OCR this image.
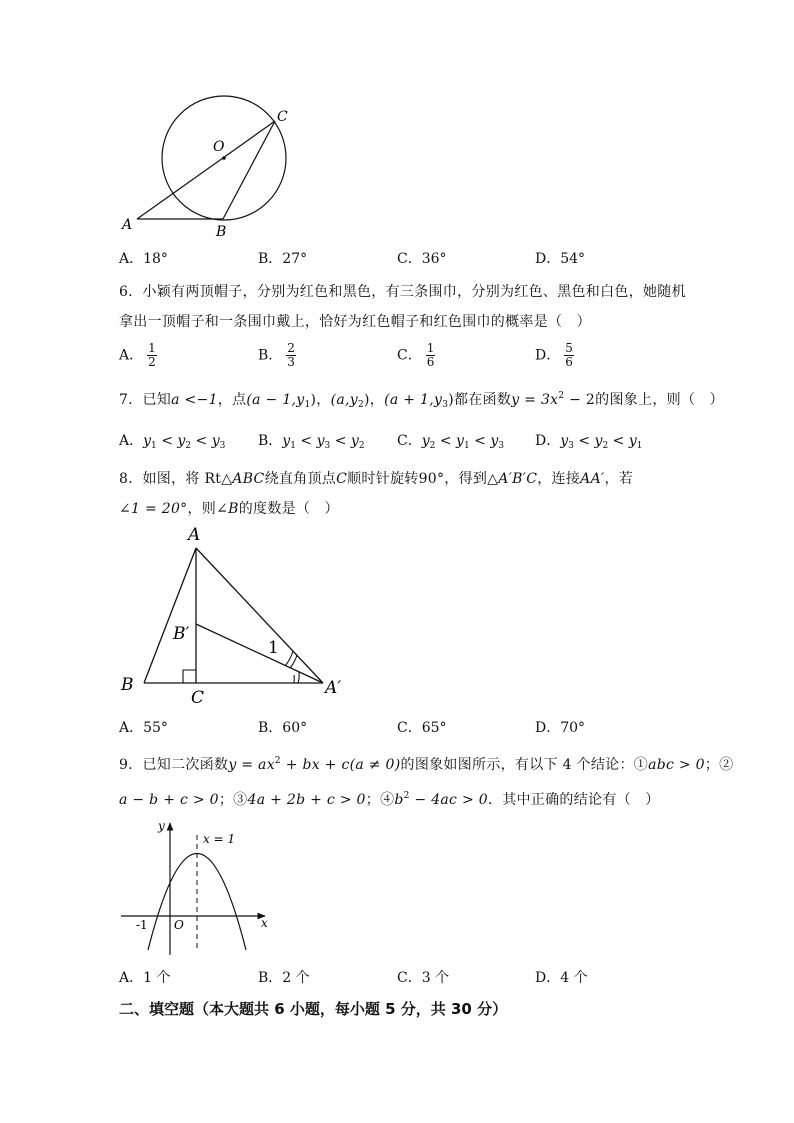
O
C
A	B
A．18°	B．27°	C．36°	D．54°
6．小颖有两顶帽子，分别为红色和黑色，有三条围巾，分别为红色、黑色和白色，她随机
拿出一顶帽子和一条围巾戴上，恰好为红色帽子和红色围巾的概率是（　）
A． $\frac{1}{2}$	B． $\frac{2}{3}$	C． $\frac{1}{6}$	D． $\frac{5}{6}$
7．已知a <−1，点$(a - 1,y_1)$，$(a,y_2)$，$(a + 1,y_3)$都在函数$y = 3x^2 - 2$的图象上，则（　）
A．$y_1 < y_2 < y_3$ B．$y_1 < y_3 < y_2$ C．$y_2 < y_1 < y_3$ D．$y_3 < y_2 < y_1$
8．如图，将 Rt△ABC绕直角顶点C顺时针旋转90°，得到△A′B′C，连接AA′，若
∠1 = 20°，则∠B的度数是（　）
A
B′
1
B
C	A′
A．55°	B．60°	C．65°	D．70°
9．已知二次函数$y = ax^2$ + bx + c(a ≠ 0)的图象如图所示，有以下 4 个结论：①abc > 0；②
a − b + c > 0；③4a + 2b + c > 0；$④b^2 - 4ac > 0$．其中正确的结论有（　）
y
x = 1
-1 O	x
A．1 个	B．2 个	C．3 个	D．4 个
二、填空题（本大题共 6 小题，每小题 5 分，共 30 分）
